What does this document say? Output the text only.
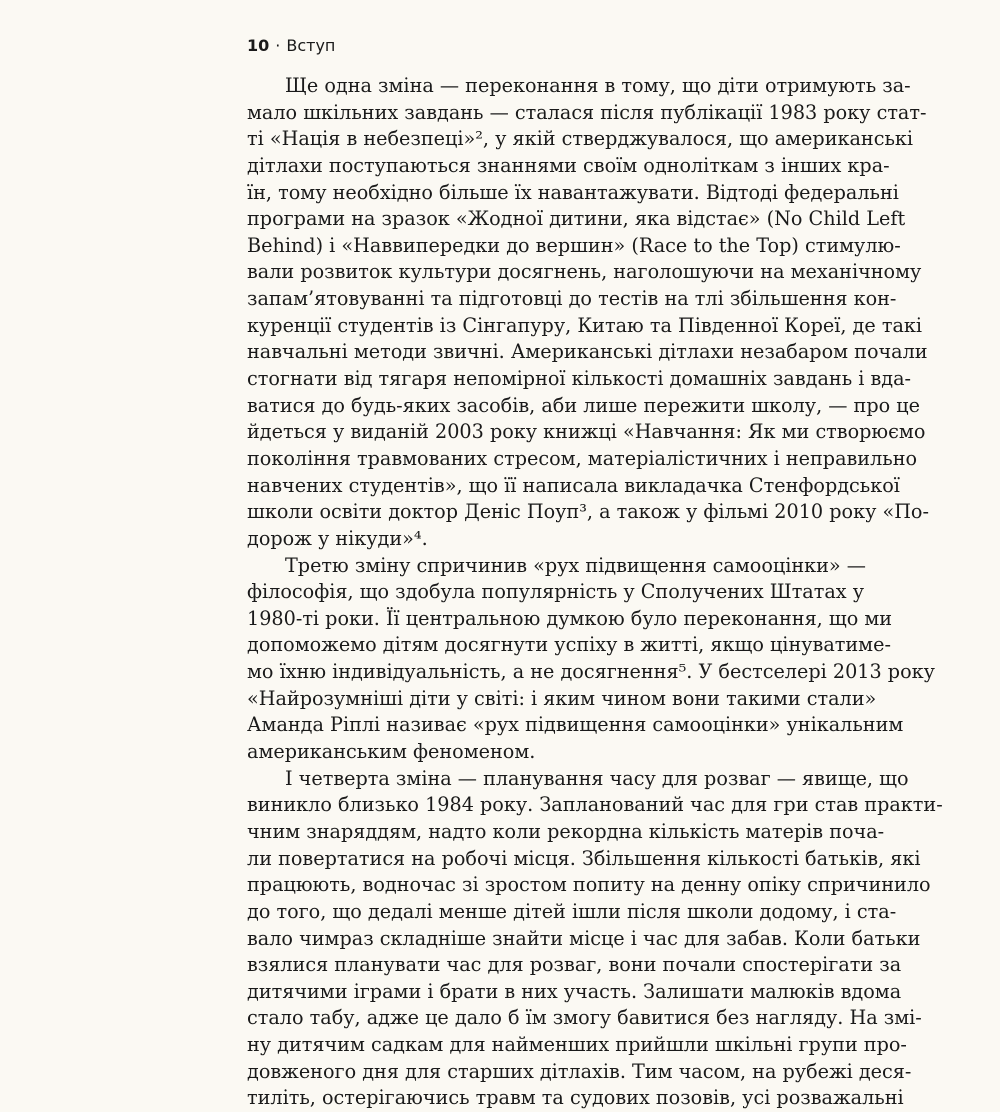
10 · Вступ
Ще одна зміна — переконання в тому, що діти отримують за-
мало шкільних завдань — сталася після публікації 1983 року стат-
ті «Нація в небезпеці»², у якій стверджувалося, що американські
дітлахи поступаються знаннями своїм одноліткам з інших кра-
їн, тому необхідно більше їх навантажувати. Відтоді федеральні
програми на зразок «Жодної дитини, яка відстає» (No Child Left
Behind) і «Наввипередки до вершин» (Race to the Top) стимулю-
вали розвиток культури досягнень, наголошуючи на механічному
запам’ятовуванні та підготовці до тестів на тлі збільшення кон-
куренції студентів із Сінгапуру, Китаю та Південної Кореї, де такі
навчальні методи звичні. Американські дітлахи незабаром почали
стогнати від тягаря непомірної кількості домашніх завдань і вда-
ватися до будь-яких засобів, аби лише пережити школу, — про це
йдеться у виданій 2003 року книжці «Навчання: Як ми створюємо
покоління травмованих стресом, матеріалістичних і неправильно
навчених студентів», що її написала викладачка Стенфордської
школи освіти доктор Деніс Поуп³, а також у фільмі 2010 року «По-
дорож у нікуди»⁴.
Третю зміну спричинив «рух підвищення самооцінки» —
філософія, що здобула популярність у Сполучених Штатах у
1980-ті роки. Її центральною думкою було переконання, що ми
допоможемо дітям досягнути успіху в житті, якщо цінуватиме-
мо їхню індивідуальність, а не досягнення⁵. У бестселері 2013 року
«Найрозумніші діти у світі: і яким чином вони такими стали»
Аманда Ріплі називає «рух підвищення самооцінки» унікальним
американським феноменом.
І четверта зміна — планування часу для розваг — явище, що
виникло близько 1984 року. Запланований час для гри став практи-
чним знаряддям, надто коли рекордна кількість матерів поча-
ли повертатися на робочі місця. Збільшення кількості батьків, які
працюють, водночас зі зростом попиту на денну опіку спричинило
до того, що дедалі менше дітей ішли після школи додому, і ста-
вало чимраз складніше знайти місце і час для забав. Коли батьки
взялися планувати час для розваг, вони почали спостерігати за
дитячими іграми і брати в них участь. Залишати малюків вдома
стало табу, адже це дало б їм змогу бавитися без нагляду. На змі-
ну дитячим садкам для найменших прийшли шкільні групи про-
довженого дня для старших дітлахів. Тим часом, на рубежі деся-
тиліть, остерігаючись травм та судових позовів, усі розважальні
